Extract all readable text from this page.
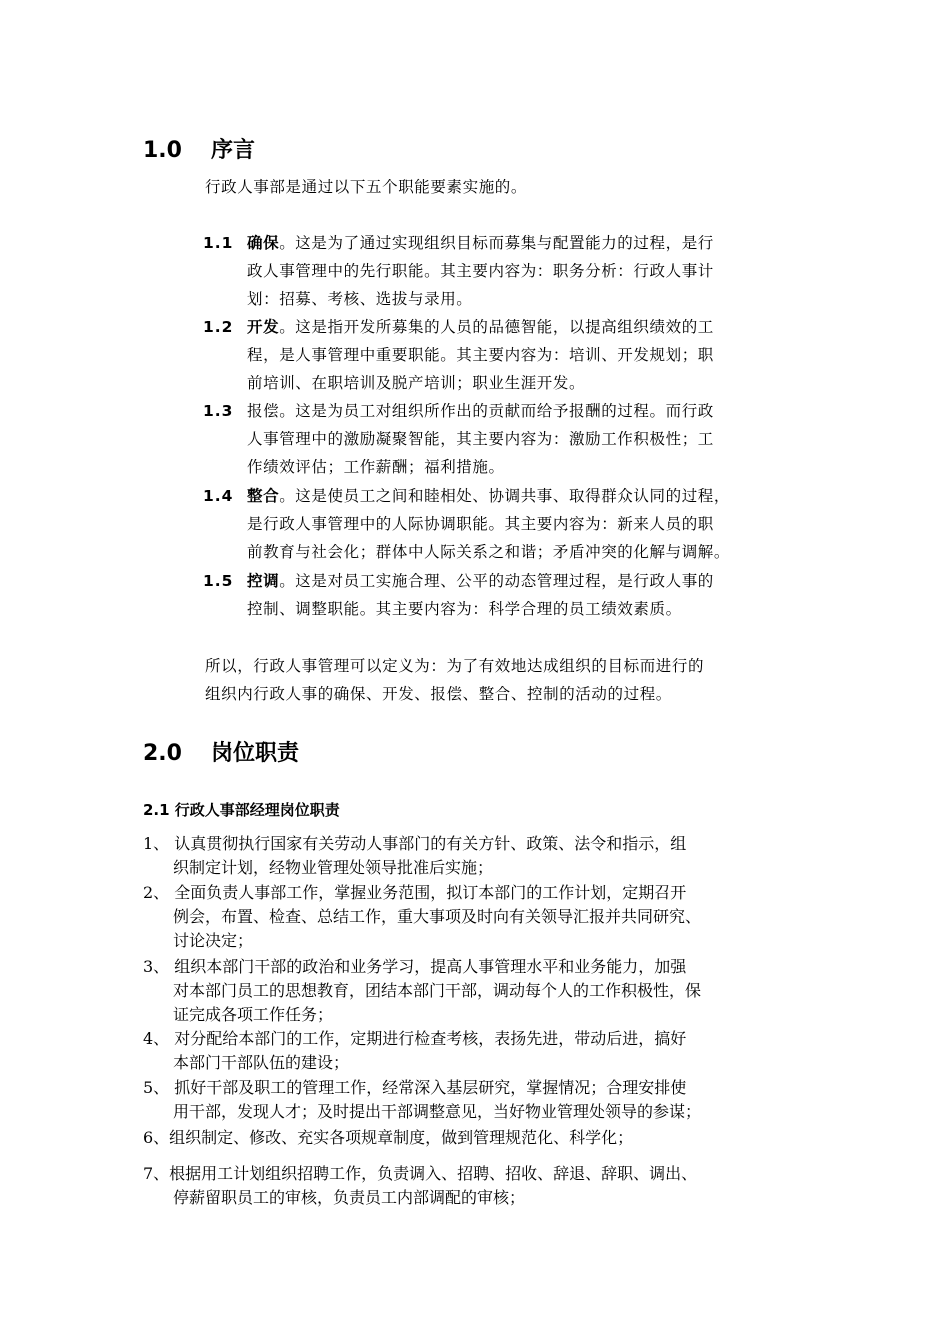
1.0 序言
行政人事部是通过以下五个职能要素实施的。
1.1 确保。这是为了通过实现组织目标而募集与配置能力的过程，是行
政人事管理中的先行职能。其主要内容为：职务分析：行政人事计
划：招募、考核、选拔与录用。
1.2 开发。这是指开发所募集的人员的品德智能，以提高组织绩效的工
程，是人事管理中重要职能。其主要内容为：培训、开发规划；职
前培训、在职培训及脱产培训；职业生涯开发。
1.3 报偿。这是为员工对组织所作出的贡献而给予报酬的过程。而行政
人事管理中的激励凝聚智能，其主要内容为：激励工作积极性；工
作绩效评估；工作薪酬；福利措施。
1.4 整合。这是使员工之间和睦相处、协调共事、取得群众认同的过程，
是行政人事管理中的人际协调职能。其主要内容为：新来人员的职
前教育与社会化；群体中人际关系之和谐；矛盾冲突的化解与调解。
1.5 控调。这是对员工实施合理、公平的动态管理过程，是行政人事的
控制、调整职能。其主要内容为：科学合理的员工绩效素质。
所以，行政人事管理可以定义为：为了有效地达成组织的目标而进行的
组织内行政人事的确保、开发、报偿、整合、控制的活动的过程。
2.0 岗位职责
2.1 行政人事部经理岗位职责
1、 认真贯彻执行国家有关劳动人事部门的有关方针、政策、法令和指示，组
织制定计划，经物业管理处领导批准后实施；
2、 全面负责人事部工作，掌握业务范围，拟订本部门的工作计划，定期召开
例会，布置、检查、总结工作，重大事项及时向有关领导汇报并共同研究、
讨论决定；
3、 组织本部门干部的政治和业务学习，提高人事管理水平和业务能力，加强
对本部门员工的思想教育，团结本部门干部，调动每个人的工作积极性，保
证完成各项工作任务；
4、 对分配给本部门的工作，定期进行检查考核，表扬先进，带动后进，搞好
本部门干部队伍的建设；
5、 抓好干部及职工的管理工作，经常深入基层研究，掌握情况；合理安排使
用干部，发现人才；及时提出干部调整意见，当好物业管理处领导的参谋；
6、组织制定、修改、充实各项规章制度，做到管理规范化、科学化；
7、根据用工计划组织招聘工作，负责调入、招聘、招收、辞退、辞职、调出、
停薪留职员工的审核，负责员工内部调配的审核；
